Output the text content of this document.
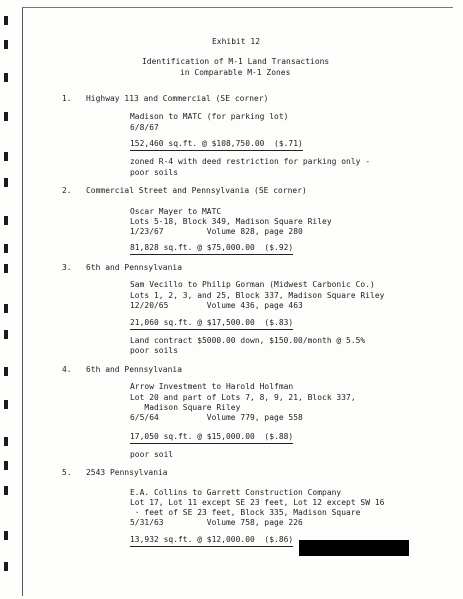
Exhibit 12
Identification of M-1 Land Transactions
in Comparable M-1 Zones
1. Highway 113 and Commercial (SE corner)
Madison to MATC (for parking lot)
6/8/67
152,460 sq.ft. @ $108,750.00  ($.71)
zoned R-4 with deed restriction for parking only -
poor soils
2. Commercial Street and Pennsylvania (SE corner)
Oscar Mayer to MATC
Lots 5-18, Block 349, Madison Square Riley
1/23/67         Volume 828, page 280
81,828 sq.ft. @ $75,000.00  ($.92)
3. 6th and Pennsylvania
Sam Vecillo to Philip Gorman (Midwest Carbonic Co.)
Lots 1, 2, 3, and 25, Block 337, Madison Square Riley
12/20/65        Volume 436, page 463
21,060 sq.ft. @ $17,500.00  ($.83)
Land contract $5000.00 down, $150.00/month @ 5.5%
poor soils
4. 6th and Pennsylvania
Arrow Investment to Harold Holfman
Lot 20 and part of Lots 7, 8, 9, 21, Block 337,
Madison Square Riley
6/5/64          Volume 779, page 558
17,050 sq.ft. @ $15,000.00  ($.88)
poor soil
5. 2543 Pennsylvania
E.A. Collins to Garrett Construction Company
Lot 17, Lot 11 except SE 23 feet, Lot 12 except SW 16
· feet of SE 23 feet, Block 335, Madison Square
5/31/63         Volume 758, page 226
13,932 sq.ft. @ $12,000.00  ($.86)
